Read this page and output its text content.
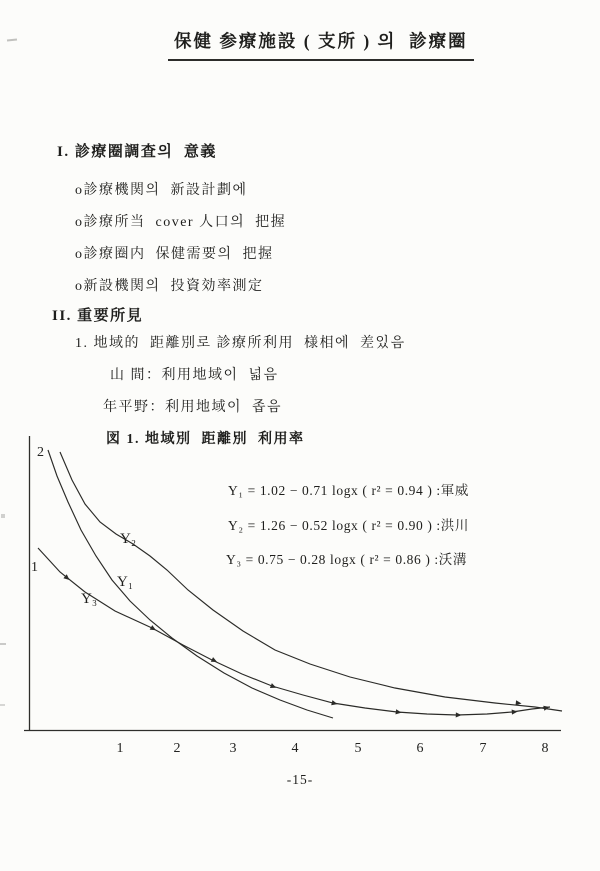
保健 参療施設 ( 支所 ) 의  診療圈
I. 診療圈調査의  意義
o診療機関의  新設計劃에
o診療所当  cover 人口의  把握
o診療圈内  保健需要의  把握
o新設機関의  投資効率測定
II. 重要所見
1. 地域的  距離別로 診療所利用  様相에  差있음
山 間：利用地域이  넓음
年平野：利用地域이  좁음
図 1. 地域別  距離別  利用率
1	2	3	4	5	6	7	8
2
1
Y₂
Y₁
Y₃
Y₁ = 1.02 − 0.71 logx ( r² = 0.94 ) :軍威
Y₂ = 1.26 − 0.52 logx ( r² = 0.90 ) :洪川
Y₃ = 0.75 − 0.28 logx ( r² = 0.86 ) :沃溝
-15-
